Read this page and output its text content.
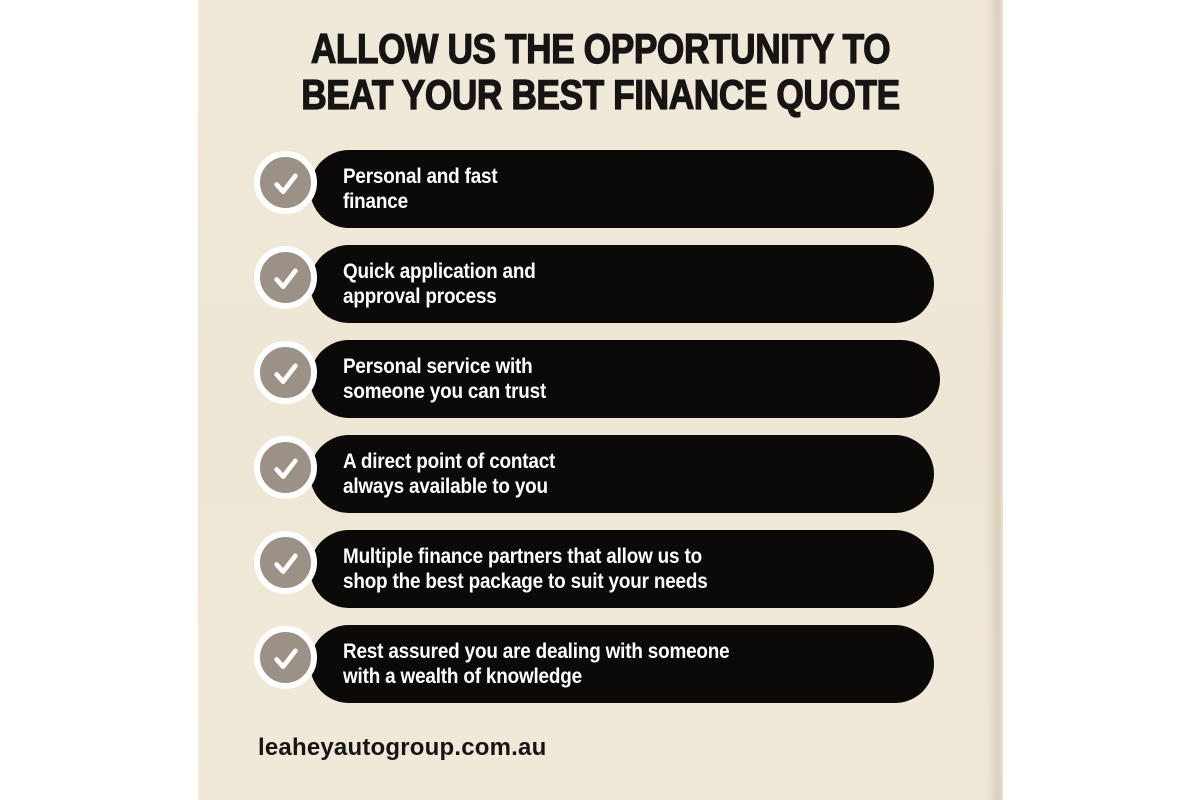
ALLOW US THE OPPORTUNITY TO
BEAT YOUR BEST FINANCE QUOTE
Personal and fast
finance
Quick application and
approval process
Personal service with
someone you can trust
A direct point of contact
always available to you
Multiple finance partners that allow us to
shop the best package to suit your needs
Rest assured you are dealing with someone
with a wealth of knowledge
leaheyautogroup.com.au
